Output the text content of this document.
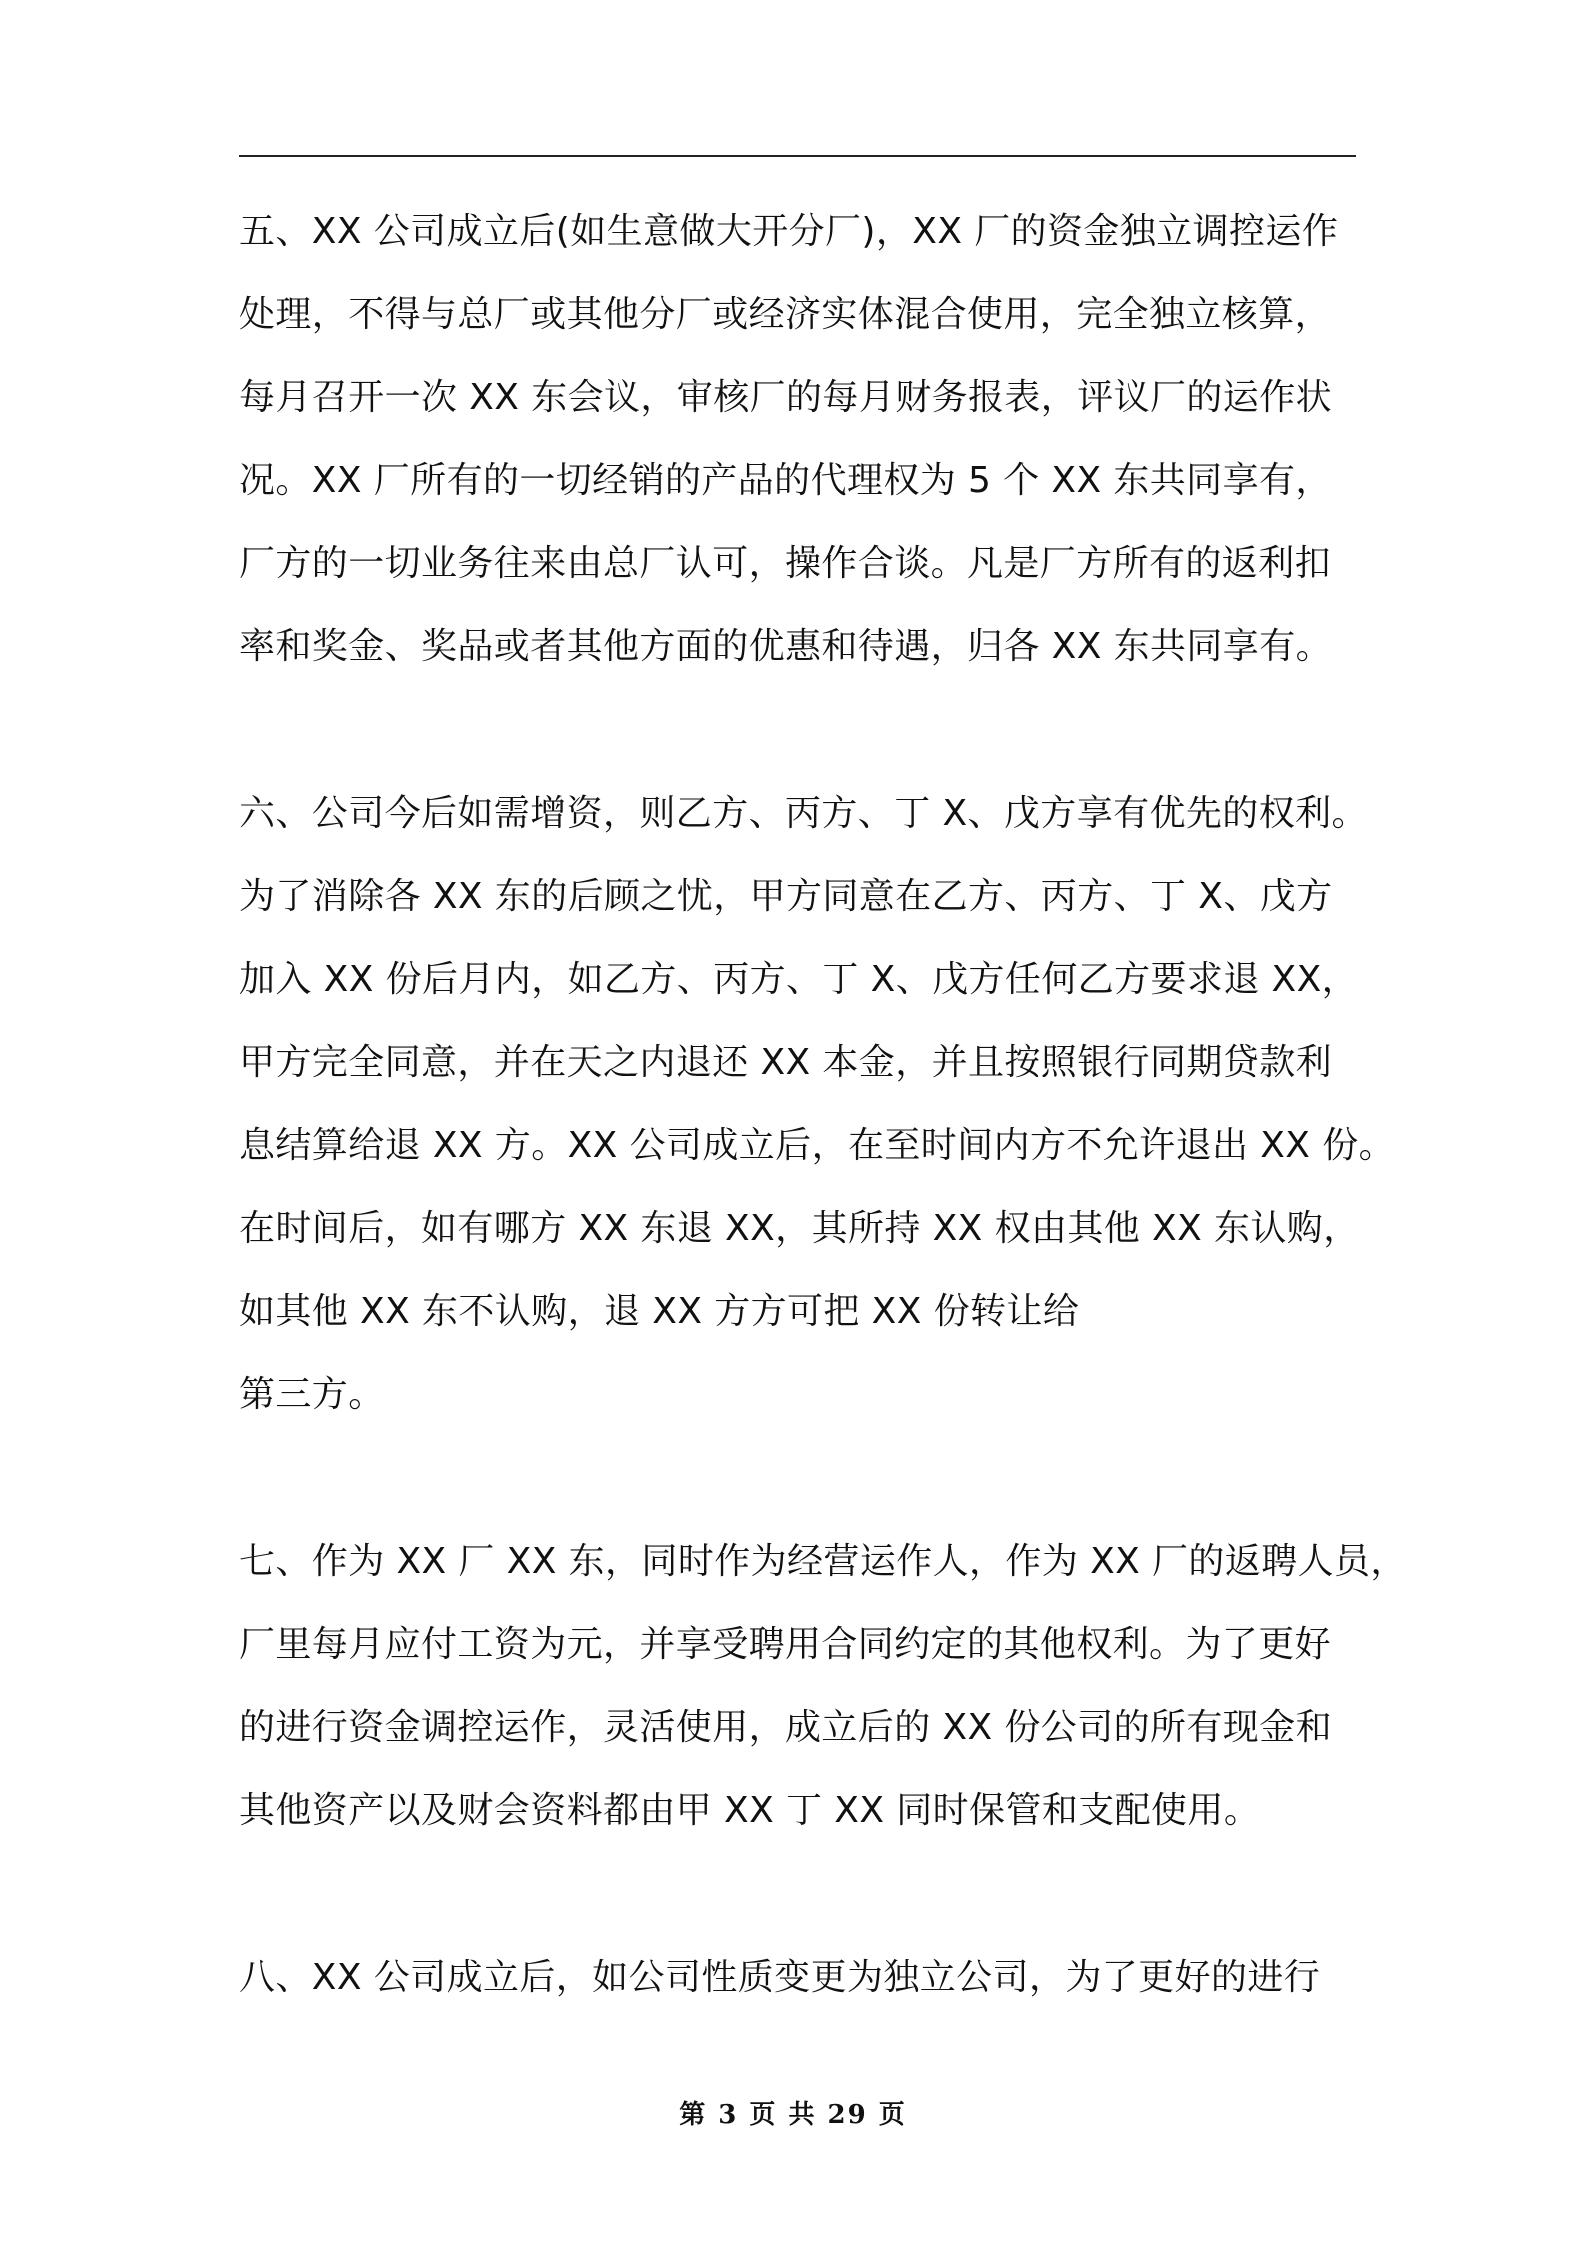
五、XX 公司成立后(如生意做大开分厂)，XX 厂的资金独立调控运作
处理，不得与总厂或其他分厂或经济实体混合使用，完全独立核算，
每月召开一次 XX 东会议，审核厂的每月财务报表，评议厂的运作状
况。XX 厂所有的一切经销的产品的代理权为 5 个 XX 东共同享有，
厂方的一切业务往来由总厂认可，操作合谈。凡是厂方所有的返利扣
率和奖金、奖品或者其他方面的优惠和待遇，归各 XX 东共同享有。
六、公司今后如需增资，则乙方、丙方、丁 X、戊方享有优先的权利。
为了消除各 XX 东的后顾之忧，甲方同意在乙方、丙方、丁 X、戊方
加入 XX 份后月内，如乙方、丙方、丁 X、戊方任何乙方要求退 XX，
甲方完全同意，并在天之内退还 XX 本金，并且按照银行同期贷款利
息结算给退 XX 方。XX 公司成立后，在至时间内方不允许退出 XX 份。
在时间后，如有哪方 XX 东退 XX，其所持 XX 权由其他 XX 东认购，
如其他 XX 东不认购，退 XX 方方可把 XX 份转让给
第三方。
七、作为 XX 厂 XX 东，同时作为经营运作人，作为 XX 厂的返聘人员，
厂里每月应付工资为元，并享受聘用合同约定的其他权利。为了更好
的进行资金调控运作，灵活使用，成立后的 XX 份公司的所有现金和
其他资产以及财会资料都由甲 XX 丁 XX 同时保管和支配使用。
八、XX 公司成立后，如公司性质变更为独立公司，为了更好的进行
第 3 页 共 29 页
